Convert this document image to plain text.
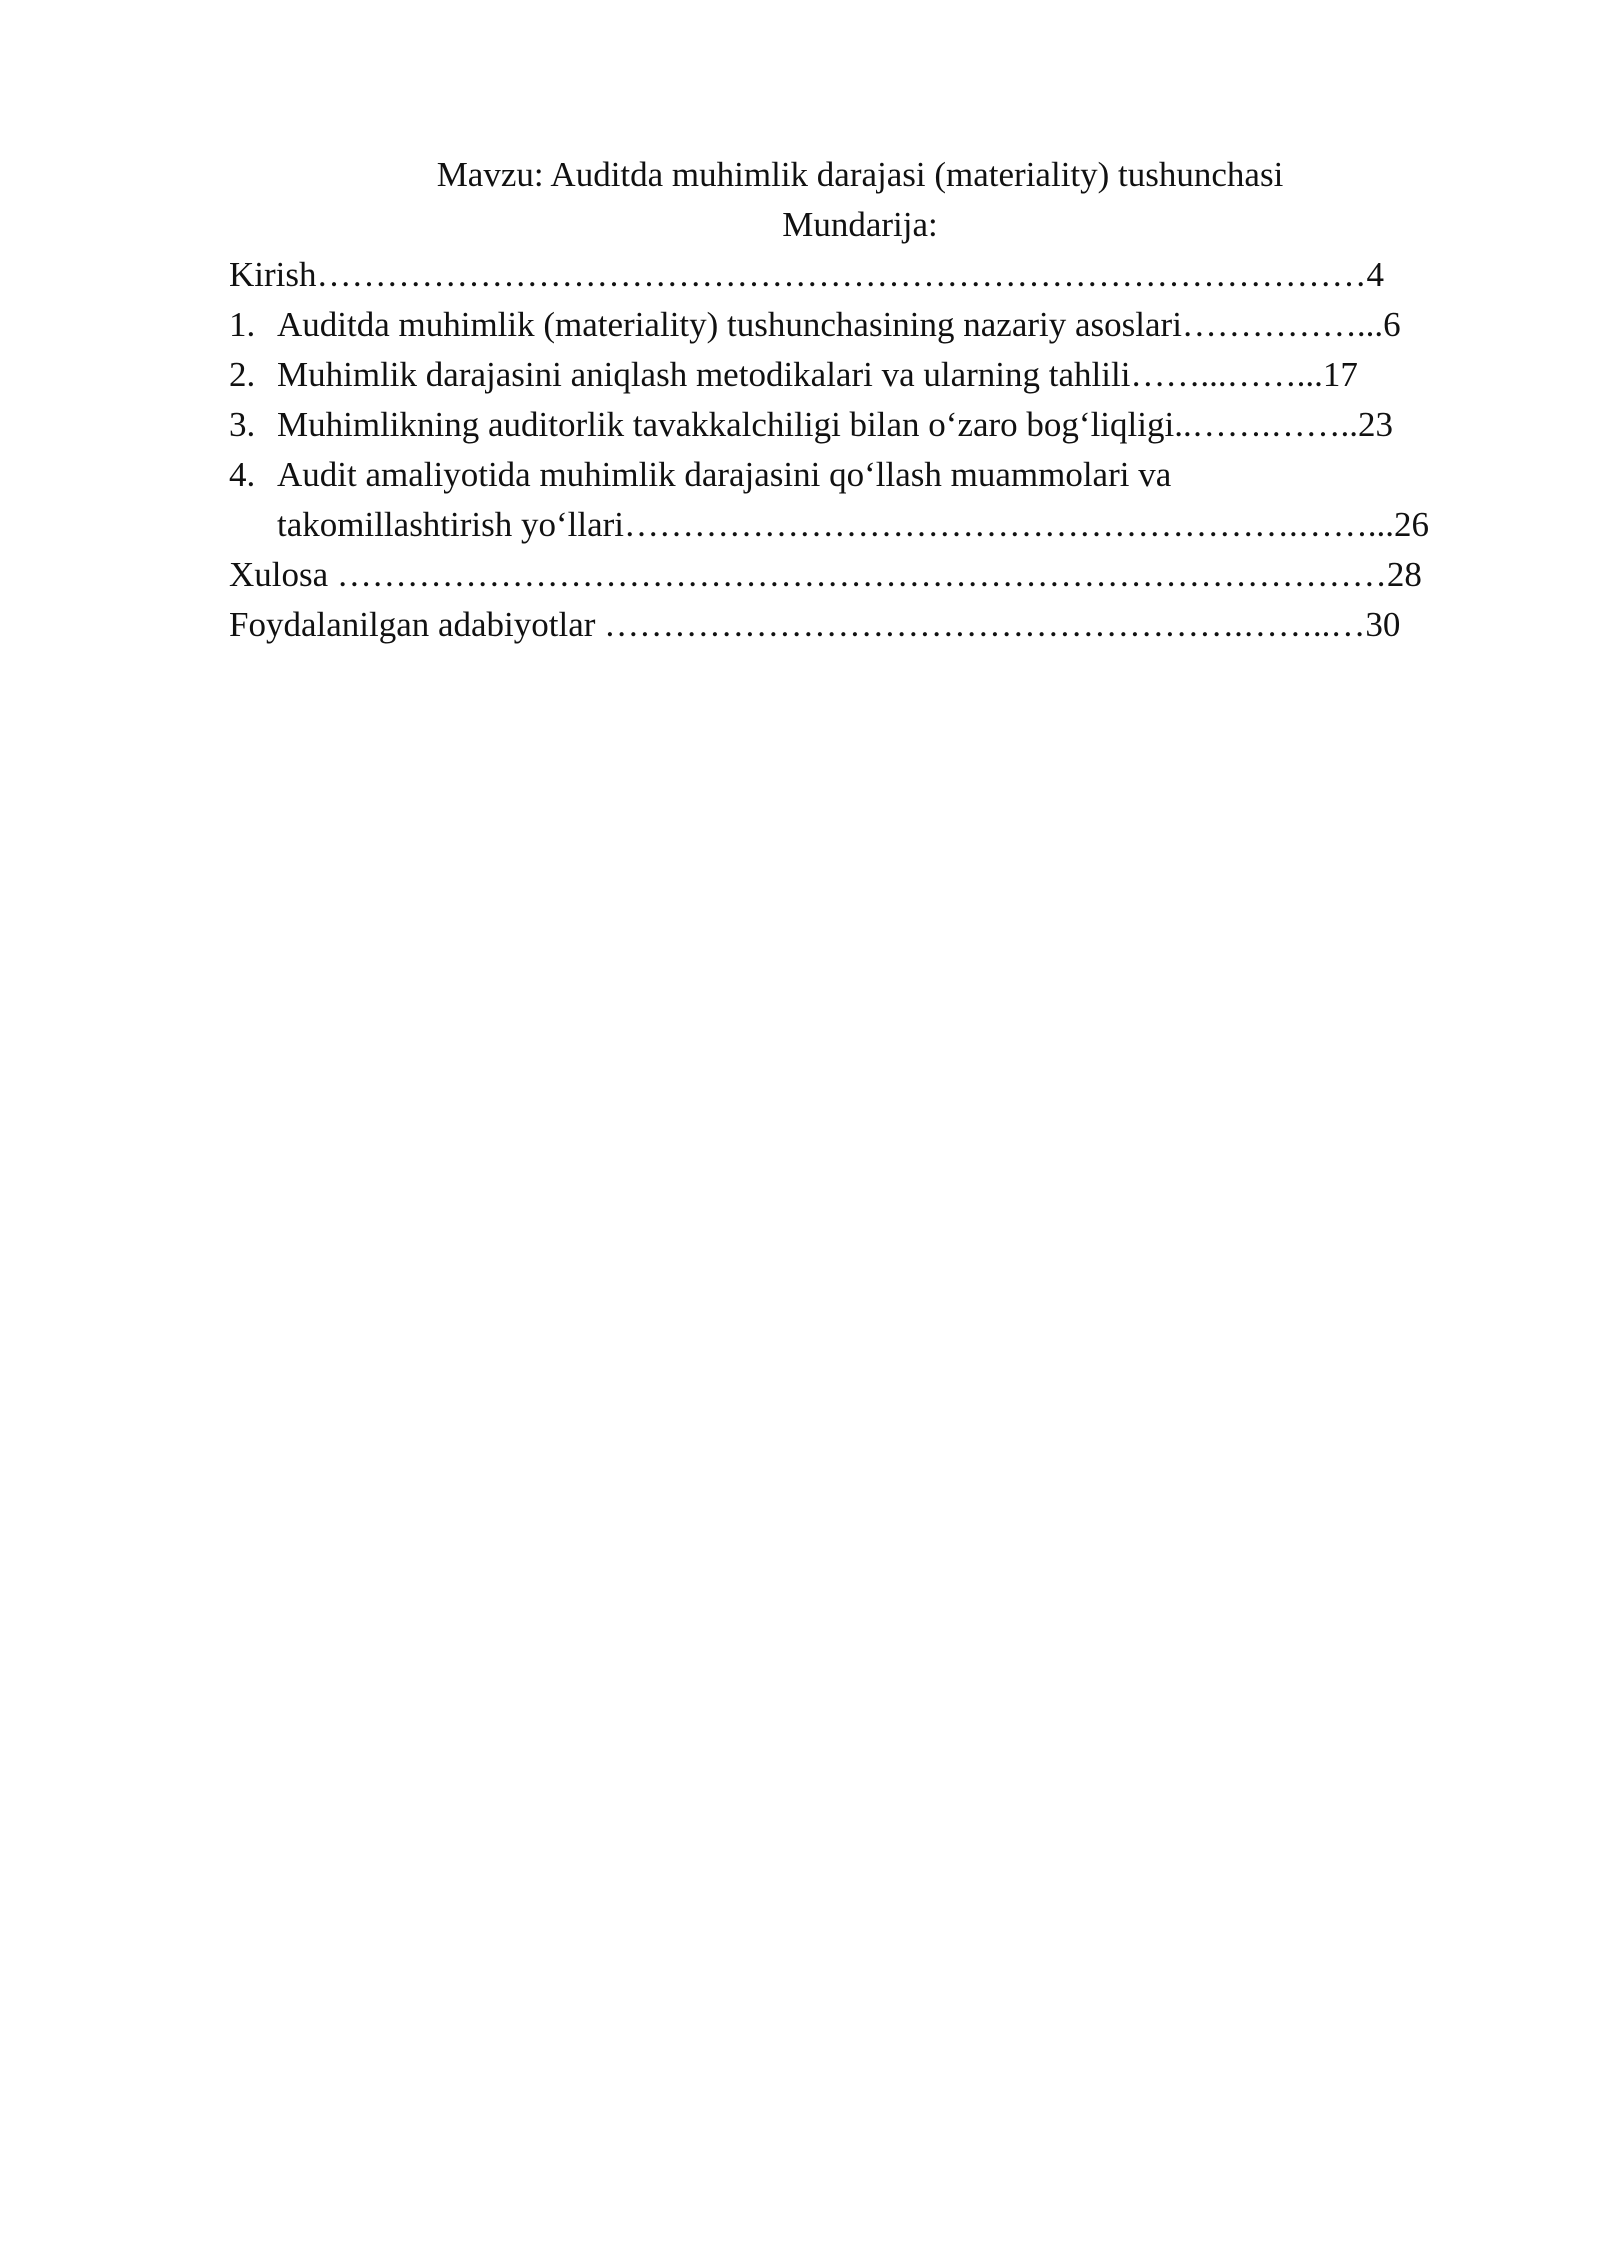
Mavzu: Auditda muhimlik darajasi (materiality) tushunchasi
Mundarija:
Kirish………………………………………………………………………………4
1. Auditda muhimlik (materiality) tushunchasining nazariy asoslari……………...6
2. Muhimlik darajasini aniqlash metodikalari va ularning tahlili……...……...17
3. Muhimlikning auditorlik tavakkalchiligi bilan oʻzaro bogʻliqligi..…….……..23
4. Audit amaliyotida muhimlik darajasini qoʻllash muammolari va
takomillashtirish yoʻllari………………………………………………….……...26
Xulosa ………………………………………………………………………………28
Foydalanilgan adabiyotlar ……………………………………………….……..…30
